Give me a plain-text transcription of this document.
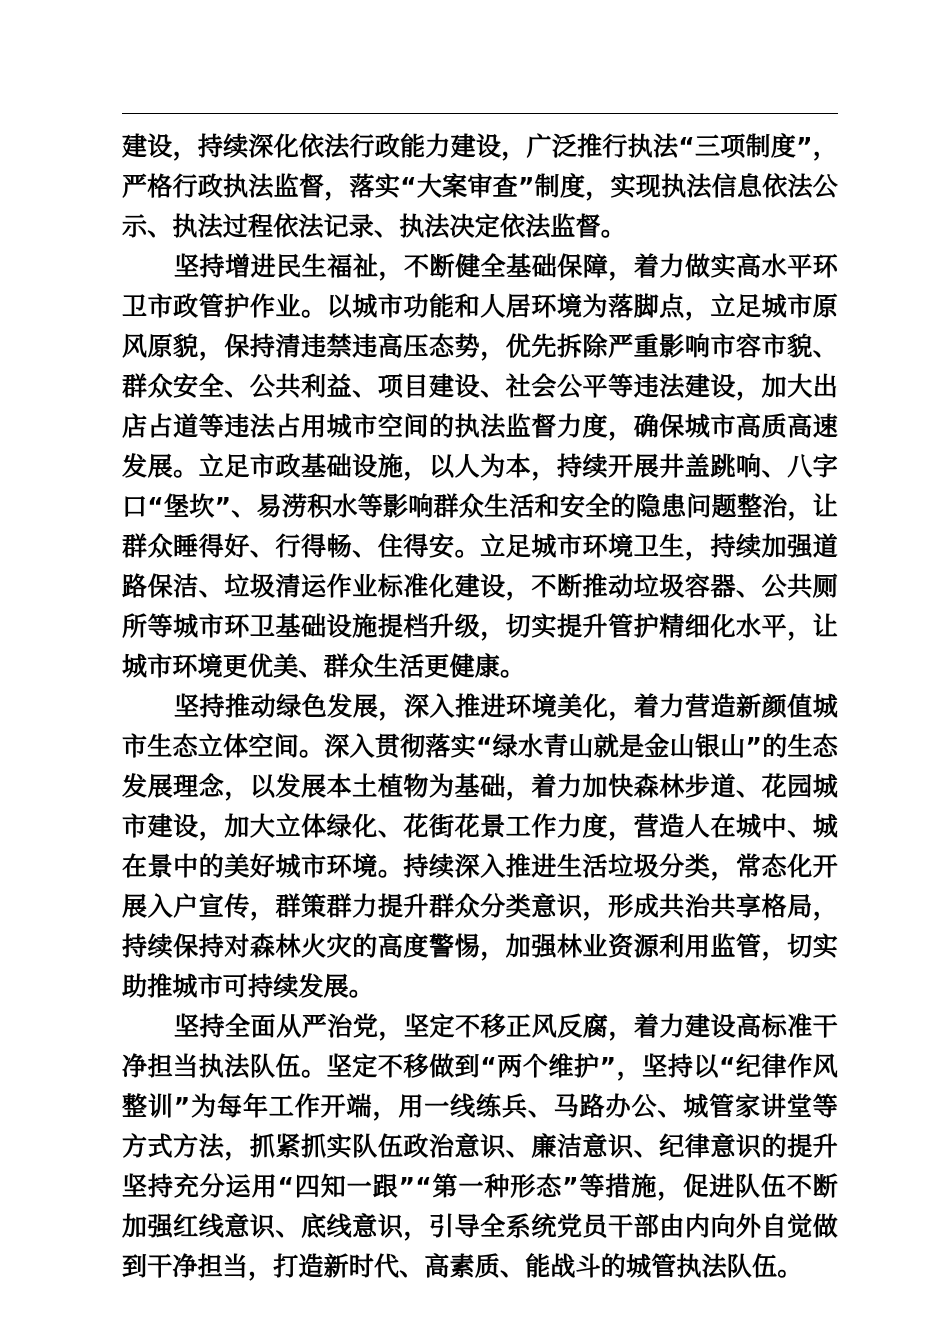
建设，持续深化依法行政能力建设，广泛推行执法“三项制度”，
严格行政执法监督，落实“大案审查”制度，实现执法信息依法公
示、执法过程依法记录、执法决定依法监督。
坚持增进民生福祉，不断健全基础保障，着力做实高水平环
卫市政管护作业。以城市功能和人居环境为落脚点，立足城市原
风原貌，保持清违禁违高压态势，优先拆除严重影响市容市貌、
群众安全、公共利益、项目建设、社会公平等违法建设，加大出
店占道等违法占用城市空间的执法监督力度，确保城市高质高速
发展。立足市政基础设施，以人为本，持续开展井盖跳响、八字
口“堡坎”、易涝积水等影响群众生活和安全的隐患问题整治，让
群众睡得好、行得畅、住得安。立足城市环境卫生，持续加强道
路保洁、垃圾清运作业标准化建设，不断推动垃圾容器、公共厕
所等城市环卫基础设施提档升级，切实提升管护精细化水平，让
城市环境更优美、群众生活更健康。
坚持推动绿色发展，深入推进环境美化，着力营造新颜值城
市生态立体空间。深入贯彻落实“绿水青山就是金山银山”的生态
发展理念，以发展本土植物为基础，着力加快森林步道、花园城
市建设，加大立体绿化、花街花景工作力度，营造人在城中、城
在景中的美好城市环境。持续深入推进生活垃圾分类，常态化开
展入户宣传，群策群力提升群众分类意识，形成共治共享格局，
持续保持对森林火灾的高度警惕，加强林业资源利用监管，切实
助推城市可持续发展。
坚持全面从严治党，坚定不移正风反腐，着力建设高标准干
净担当执法队伍。坚定不移做到“两个维护”，坚持以“纪律作风
整训”为每年工作开端，用一线练兵、马路办公、城管家讲堂等
方式方法，抓紧抓实队伍政治意识、廉洁意识、纪律意识的提升
坚持充分运用“四知一跟”“第一种形态”等措施，促进队伍不断
加强红线意识、底线意识，引导全系统党员干部由内向外自觉做
到干净担当，打造新时代、高素质、能战斗的城管执法队伍。
